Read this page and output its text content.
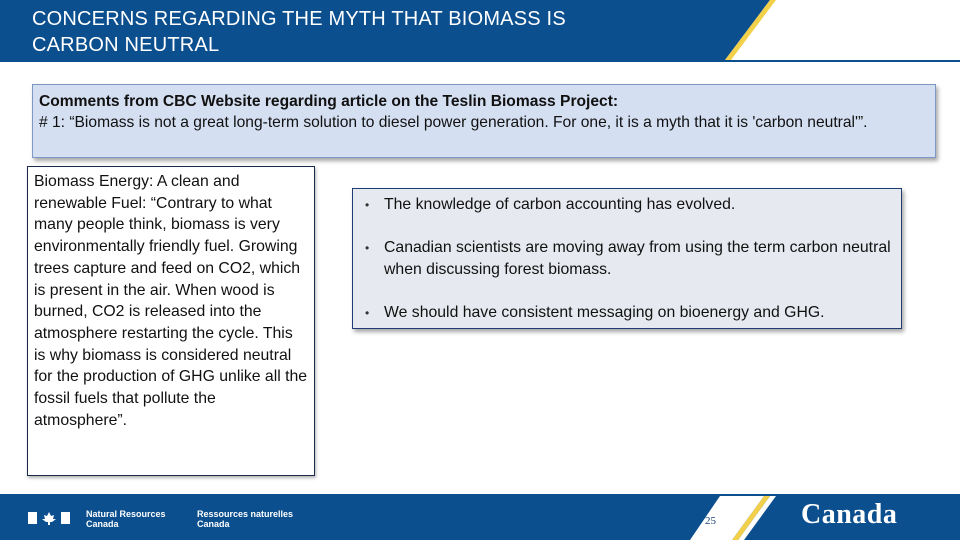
CONCERNS REGARDING THE MYTH THAT BIOMASS IS
CARBON NEUTRAL
Comments from CBC Website regarding article on the Teslin Biomass Project:
# 1: “Biomass is not a great long-term solution to diesel power generation. For one, it is a myth that it is 'carbon neutral'”.
Biomass Energy: A clean and renewable Fuel: “Contrary to what many people think, biomass is very environmentally friendly fuel. Growing trees capture and feed on CO2, which is present in the air. When wood is burned, CO2 is released into the atmosphere restarting the cycle. This is why biomass is considered neutral for the production of GHG unlike all the fossil fuels that pollute the atmosphere”.
• The knowledge of carbon accounting has evolved.
• Canadian scientists are moving away from using the term carbon neutral when discussing forest biomass.
• We should have consistent messaging on bioenergy and GHG.
Natural Resources
Canada
Ressources naturelles
Canada	25	Canada
